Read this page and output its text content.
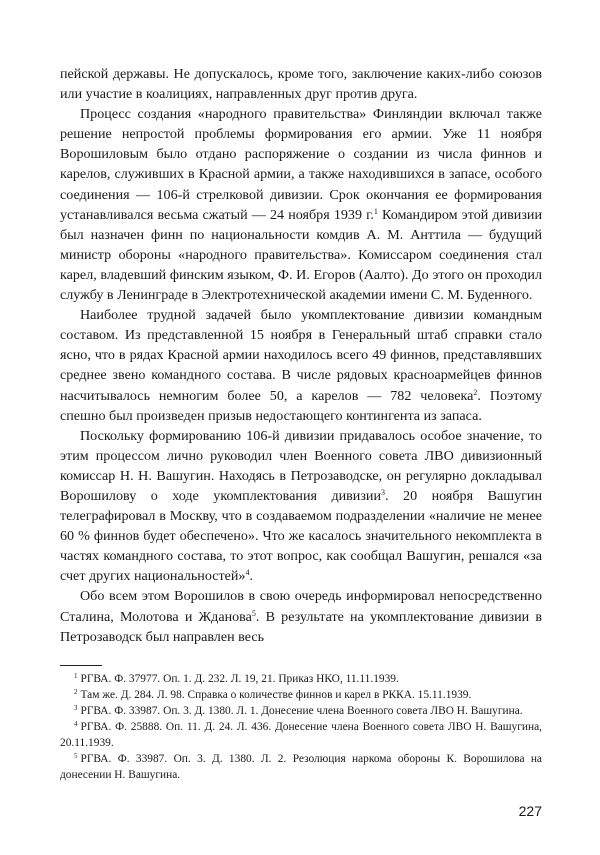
пейской державы. Не допускалось, кроме того, заключение каких-либо союзов или участие в коалициях, направленных друг против друга.

Процесс создания «народного правительства» Финляндии включал также решение непростой проблемы формирования его армии. Уже 11 ноября Ворошиловым было отдано распоряжение о создании из числа финнов и карелов, служивших в Красной армии, а также находившихся в запасе, особого соединения — 106-й стрелковой дивизии. Срок окончания ее формирования устанавливался весьма сжатый — 24 ноября 1939 г.$^1$ Командиром этой дивизии был назначен финн по национальности комдив А. М. Анттила — будущий министр обороны «народного правительства». Комиссаром соединения стал карел, владевший финским языком, Ф. И. Егоров (Аалто). До этого он проходил службу в Ленинграде в Электротехнической академии имени С. М. Буденного.

Наиболее трудной задачей было укомплектование дивизии командным составом. Из представленной 15 ноября в Генеральный штаб справки стало ясно, что в рядах Красной армии находилось всего 49 финнов, представлявших среднее звено командного состава. В числе рядовых красноармейцев финнов насчитывалось немногим более 50, а карелов — 782 человека$^2$. Поэтому спешно был произведен призыв недостающего контингента из запаса.

Поскольку формированию 106-й дивизии придавалось особое значение, то этим процессом лично руководил член Военного совета ЛВО дивизионный комиссар Н. Н. Вашугин. Находясь в Петрозаводске, он регулярно докладывал Ворошилову о ходе укомплектования дивизии$^3$. 20 ноября Вашугин телеграфировал в Москву, что в создаваемом подразделении «наличие не менее 60 % финнов будет обеспечено». Что же касалось значительного некомплекта в частях командного состава, то этот вопрос, как сообщал Вашугин, решался «за счет других национальностей»$^4$.

Обо всем этом Ворошилов в свою очередь информировал непосредственно Сталина, Молотова и Жданова$^5$. В результате на укомплектование дивизии в Петрозаводск был направлен весь

$^1$ РГВА. Ф. 37977. Оп. 1. Д. 232. Л. 19, 21. Приказ НКО, 11.11.1939.

$^2$ Там же. Д. 284. Л. 98. Справка о количестве финнов и карел в РККА. 15.11.1939.

$^3$ РГВА. Ф. 33987. Оп. 3. Д. 1380. Л. 1. Донесение члена Военного совета ЛВО Н. Вашугина.

$^4$ РГВА. Ф. 25888. Оп. 11. Д. 24. Л. 436. Донесение члена Военного совета ЛВО Н. Вашугина, 20.11.1939.

$^5$ РГВА. Ф. 33987. Оп. 3. Д. 1380. Л. 2. Резолюция наркома обороны К. Ворошилова на донесении Н. Вашугина.

227
